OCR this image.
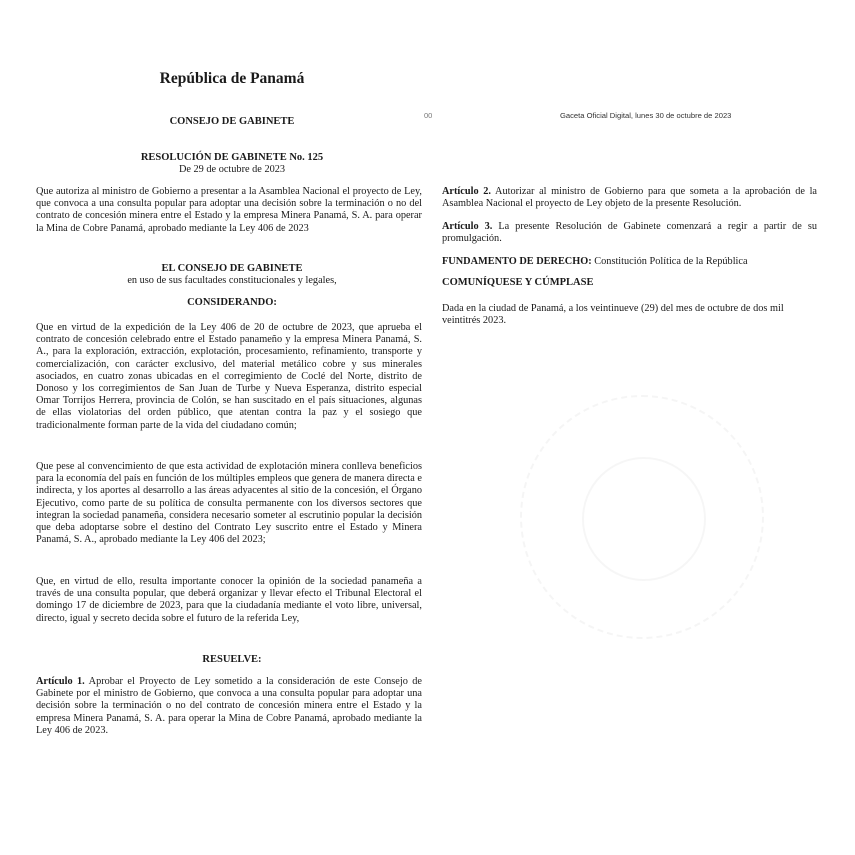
República de Panamá
CONSEJO DE GABINETE
RESOLUCIÓN DE GABINETE No. 125
De 29 de octubre de 2023
Que autoriza al ministro de Gobierno a presentar a la Asamblea Nacional el proyecto de Ley, que convoca a una consulta popular para adoptar una decisión sobre la terminación o no del contrato de concesión minera entre el Estado y la empresa Minera Panamá, S. A. para operar la Mina de Cobre Panamá, aprobado mediante la Ley 406 de 2023
EL CONSEJO DE GABINETE
en uso de sus facultades constitucionales y legales,
CONSIDERANDO:
Que en virtud de la expedición de la Ley 406 de 20 de octubre de 2023, que aprueba el contrato de concesión celebrado entre el Estado panameño y la empresa Minera Panamá, S. A., para la exploración, extracción, explotación, procesamiento, refinamiento, transporte y comercialización, con carácter exclusivo, del material metálico cobre y sus minerales asociados, en cuatro zonas ubicadas en el corregimiento de Coclé del Norte, distrito de Donoso y los corregimientos de San Juan de Turbe y Nueva Esperanza, distrito especial Omar Torrijos Herrera, provincia de Colón, se han suscitado en el país situaciones, algunas de ellas violatorias del orden público, que atentan contra la paz y el sosiego que tradicionalmente forman parte de la vida del ciudadano común;
Que pese al convencimiento de que esta actividad de explotación minera conlleva beneficios para la economía del país en función de los múltiples empleos que genera de manera directa e indirecta, y los aportes al desarrollo a las áreas adyacentes al sitio de la concesión, el Órgano Ejecutivo, como parte de su política de consulta permanente con los diversos sectores que integran la sociedad panameña, considera necesario someter al escrutinio popular la decisión que deba adoptarse sobre el destino del Contrato Ley suscrito entre el Estado y Minera Panamá, S. A., aprobado mediante la Ley 406 del 2023;
Que, en virtud de ello, resulta importante conocer la opinión de la sociedad panameña a través de una consulta popular, que deberá organizar y llevar efecto el Tribunal Electoral el domingo 17 de diciembre de 2023, para que la ciudadanía mediante el voto libre, universal, directo, igual y secreto decida sobre el futuro de la referida Ley,
RESUELVE:
Artículo 1. Aprobar el Proyecto de Ley sometido a la consideración de este Consejo de Gabinete por el ministro de Gobierno, que convoca a una consulta popular para adoptar una decisión sobre la terminación o no del contrato de concesión minera entre el Estado y la empresa Minera Panamá, S. A. para operar la Mina de Cobre Panamá, aprobado mediante la Ley 406 de 2023.
00	Gaceta Oficial Digital, lunes 30 de octubre de 2023
Artículo 2. Autorizar al ministro de Gobierno para que someta a la aprobación de la Asamblea Nacional el proyecto de Ley objeto de la presente Resolución.
Artículo 3. La presente Resolución de Gabinete comenzará a regir a partir de su promulgación.
FUNDAMENTO DE DERECHO: Constitución Política de la República
COMUNÍQUESE Y CÚMPLASE
Dada en la ciudad de Panamá, a los veintinueve (29) del mes de octubre de dos mil veintitrés 2023.
